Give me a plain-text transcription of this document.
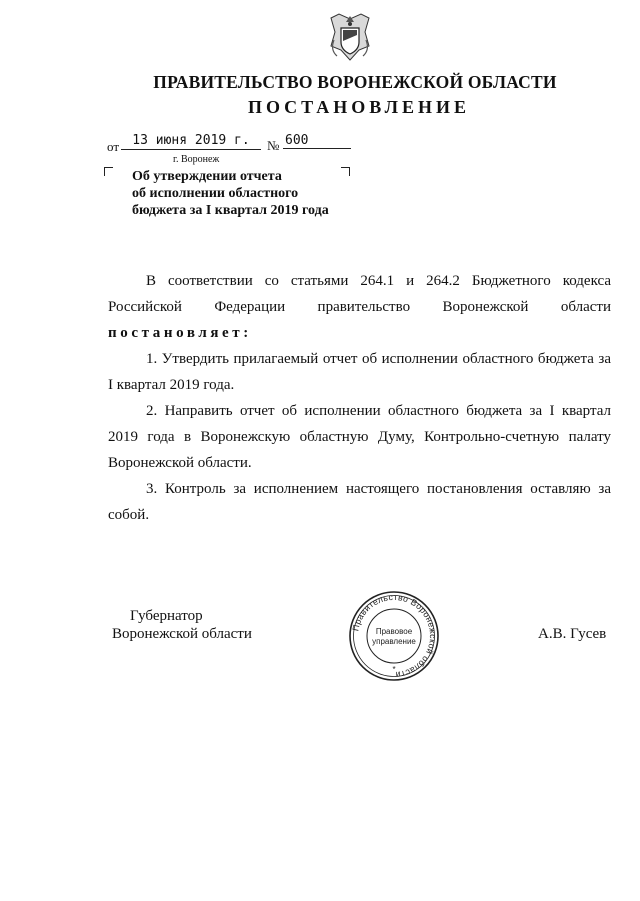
ПРАВИТЕЛЬСТВО ВОРОНЕЖСКОЙ ОБЛАСТИ
ПОСТАНОВЛЕНИЕ
от	13 июня 2019 г.	№ 600
г. Воронеж
Об утверждении отчета
об исполнении областного
бюджета за I квартал 2019 года

В соответствии со статьями 264.1 и 264.2 Бюджетного кодекса

Российской Федерации правительство Воронежской области

постановляет:

1. Утвердить прилагаемый отчет об исполнении областного бюджета за I квартал 2019 года.

2. Направить отчет об исполнении областного бюджета за I квартал 2019 года в Воронежскую областную Думу, Контрольно-счетную палату Воронежской области.

3. Контроль за исполнением настоящего постановления оставляю за собой.

Губернатор
Воронежской области	А.В. Гусев
Правительство Воронежской области
Правовое
управление
*
